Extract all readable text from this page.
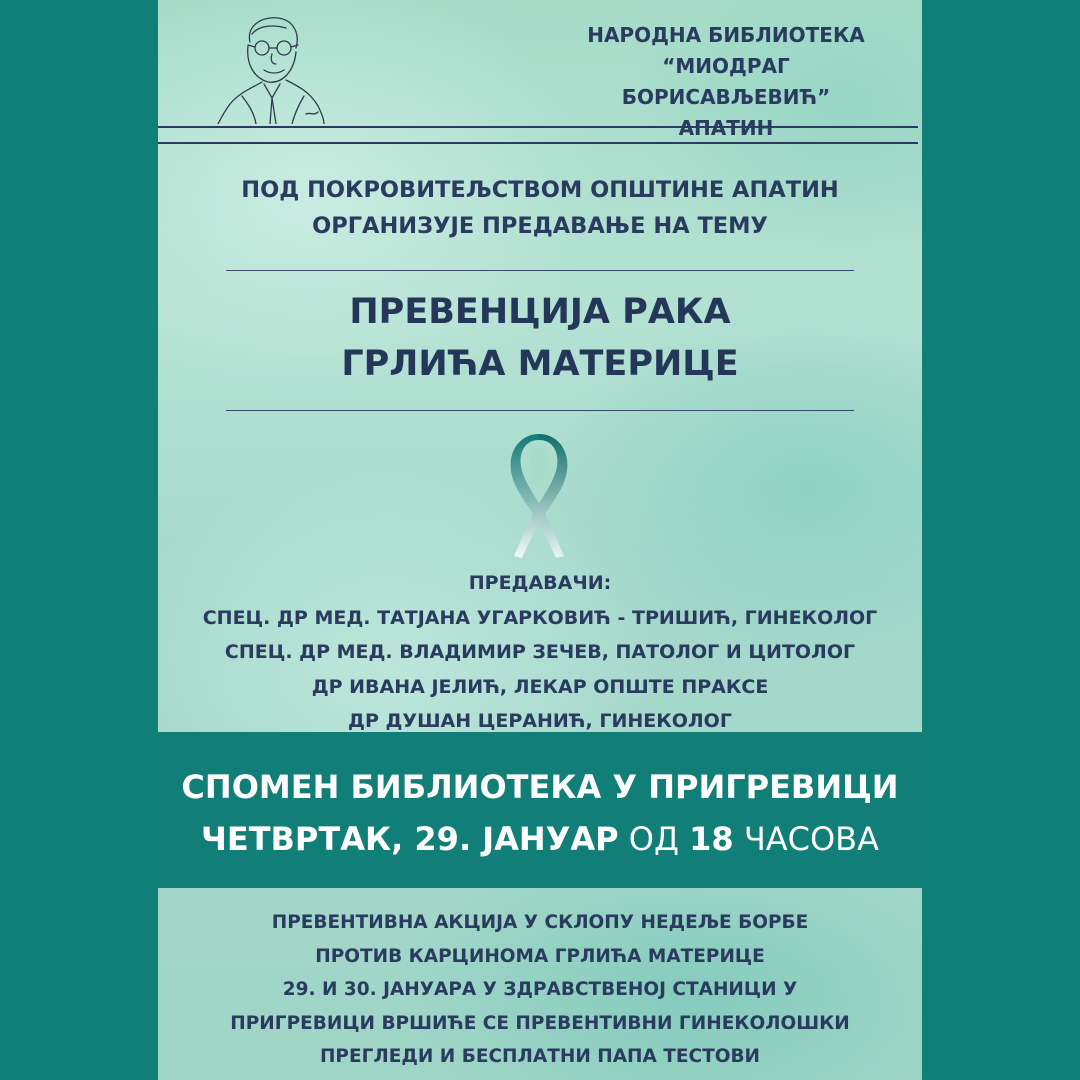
НАРОДНА БИБЛИОТЕКА
“МИОДРАГ БОРИСАВЉЕВИЋ”
АПАТИН
ПОД ПОКРОВИТЕЉСТВОМ ОПШТИНЕ АПАТИН
ОРГАНИЗУЈЕ ПРЕДАВАЊЕ НА ТЕМУ
ПРЕВЕНЦИЈА РАКА
ГРЛИЋА МАТЕРИЦЕ
ПРЕДАВАЧИ:
СПЕЦ. ДР МЕД. ТАТЈАНА УГАРКОВИЋ - ТРИШИЋ, ГИНЕКОЛОГ
СПЕЦ. ДР МЕД. ВЛАДИМИР ЗЕЧЕВ, ПАТОЛОГ И ЦИТОЛОГ
ДР ИВАНА ЈЕЛИЋ, ЛЕКАР ОПШТЕ ПРАКСЕ
ДР ДУШАН ЦЕРАНИЋ, ГИНЕКОЛОГ
СПОМЕН БИБЛИОТЕКА У ПРИГРЕВИЦИ
ЧЕТВРТАК, 29. ЈАНУАР ОД 18 ЧАСОВА
ПРЕВЕНТИВНА АКЦИЈА У СКЛОПУ НЕДЕЉЕ БОРБЕ
ПРОТИВ КАРЦИНОМА ГРЛИЋА МАТЕРИЦЕ
29. И 30. ЈАНУАРА У ЗДРАВСТВЕНОЈ СТАНИЦИ У
ПРИГРЕВИЦИ ВРШИЋЕ СЕ ПРЕВЕНТИВНИ ГИНЕКОЛОШКИ
ПРЕГЛЕДИ И БЕСПЛАТНИ ПАПА ТЕСТОВИ
